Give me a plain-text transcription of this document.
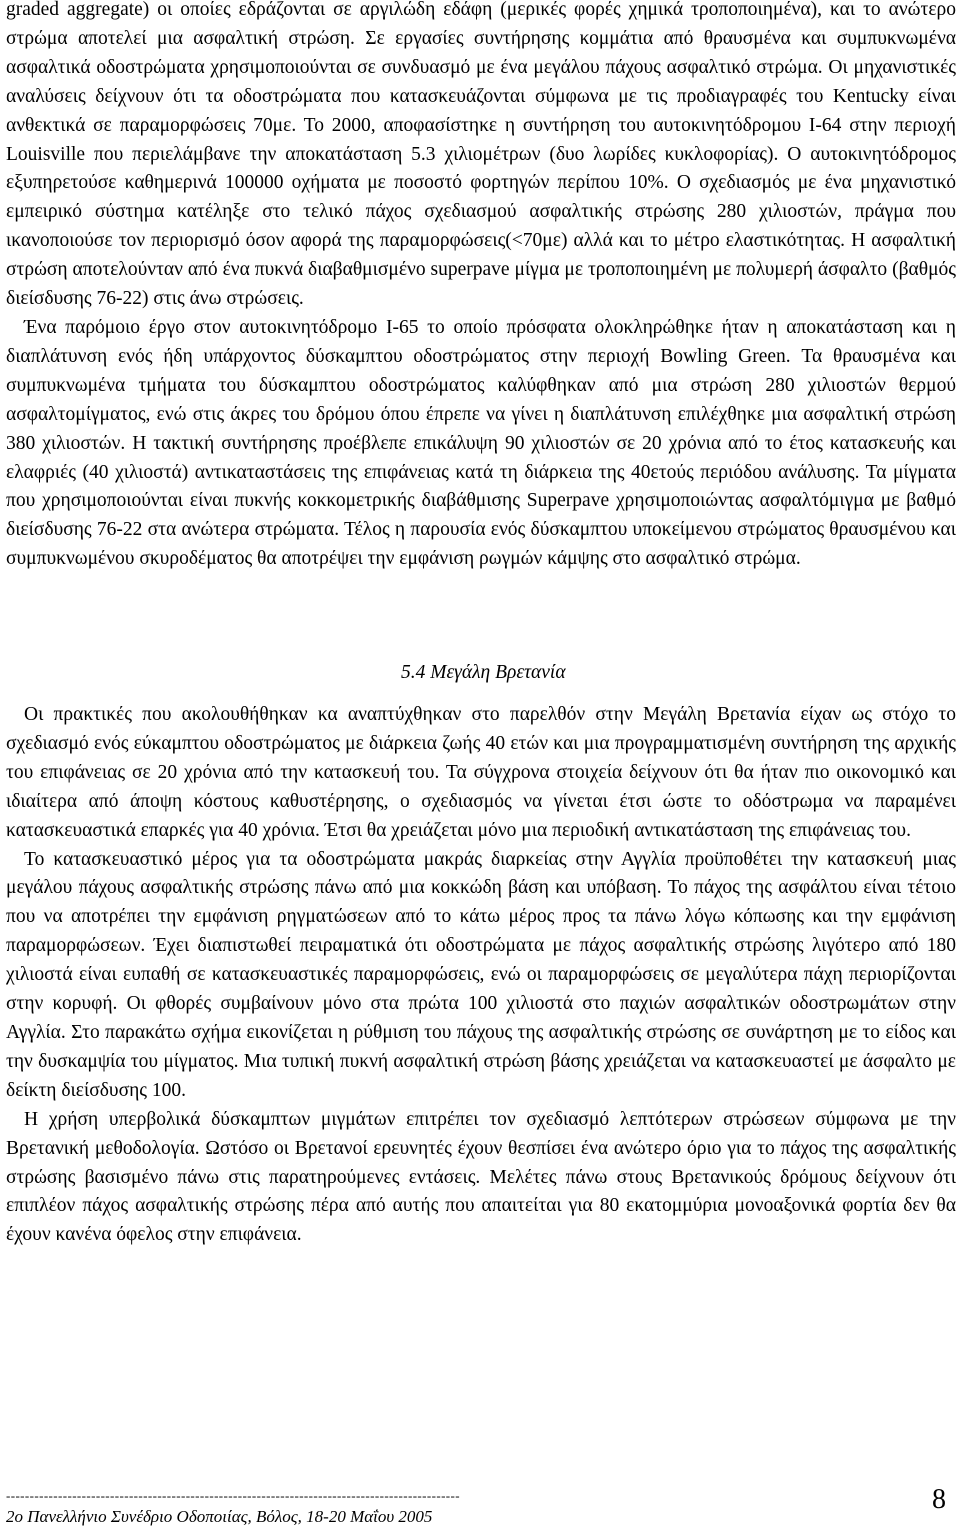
graded aggregate) οι οποίες εδράζονται σε αργιλώδη εδάφη (μερικές φορές χημικά τροποποιημένα), και το ανώτερο στρώμα αποτελεί μια ασφαλτική στρώση. Σε εργασίες συντήρησης κομμάτια από θραυσμένα και συμπυκνωμένα ασφαλτικά οδοστρώματα χρησιμοποιούνται σε συνδυασμό με ένα μεγάλου πάχους ασφαλτικό στρώμα. Οι μηχανιστικές αναλύσεις δείχνουν ότι τα οδοστρώματα που κατασκευάζονται σύμφωνα με τις προδιαγραφές του Kentucky είναι ανθεκτικά σε παραμορφώσεις 70με. Το 2000, αποφασίστηκε η συντήρηση του αυτοκινητόδρομου I-64 στην περιοχή Louisville που περιελάμβανε την αποκατάσταση 5.3 χιλιομέτρων (δυο λωρίδες κυκλοφορίας). Ο αυτοκινητόδρομος εξυπηρετούσε καθημερινά 100000 οχήματα με ποσοστό φορτηγών περίπου 10%. Ο σχεδιασμός με ένα μηχανιστικό εμπειρικό σύστημα κατέληξε στο τελικό πάχος σχεδιασμού ασφαλτικής στρώσης 280 χιλιοστών, πράγμα που ικανοποιούσε τον περιορισμό όσον αφορά της παραμορφώσεις(<70με) αλλά και το μέτρο ελαστικότητας. Η ασφαλτική στρώση αποτελούνταν από ένα πυκνά διαβαθμισμένο superpave μίγμα με τροποποιημένη με πολυμερή άσφαλτο (βαθμός διείσδυσης 76-22) στις άνω στρώσεις.

Ένα παρόμοιο έργο στον αυτοκινητόδρομο I-65 το οποίο πρόσφατα ολοκληρώθηκε ήταν η αποκατάσταση και η διαπλάτυνση ενός ήδη υπάρχοντος δύσκαμπτου οδοστρώματος στην περιοχή Bowling Green. Τα θραυσμένα και συμπυκνωμένα τμήματα του δύσκαμπτου οδοστρώματος καλύφθηκαν από μια στρώση 280 χιλιοστών θερμού ασφαλτομίγματος, ενώ στις άκρες του δρόμου όπου έπρεπε να γίνει η διαπλάτυνση επιλέχθηκε μια ασφαλτική στρώση 380 χιλιοστών. Η τακτική συντήρησης προέβλεπε επικάλυψη 90 χιλιοστών σε 20 χρόνια από το έτος κατασκευής και ελαφριές (40 χιλιοστά) αντικαταστάσεις της επιφάνειας κατά τη διάρκεια της 40ετούς περιόδου ανάλυσης. Τα μίγματα που χρησιμοποιούνται είναι πυκνής κοκκομετρικής διαβάθμισης Superpave χρησιμοποιώντας ασφαλτόμιγμα με βαθμό διείσδυσης 76-22 στα ανώτερα στρώματα. Τέλος η παρουσία ενός δύσκαμπτου υποκείμενου στρώματος θραυσμένου και συμπυκνωμένου σκυροδέματος θα αποτρέψει την εμφάνιση ρωγμών κάμψης στο ασφαλτικό στρώμα.

5.4 Μεγάλη Βρετανία

Οι πρακτικές που ακολουθήθηκαν κα αναπτύχθηκαν στο παρελθόν στην Μεγάλη Βρετανία είχαν ως στόχο το σχεδιασμό ενός εύκαμπτου οδοστρώματος με διάρκεια ζωής 40 ετών και μια προγραμματισμένη συντήρηση της αρχικής του επιφάνειας σε 20 χρόνια από την κατασκευή του. Τα σύγχρονα στοιχεία δείχνουν ότι θα ήταν πιο οικονομικό και ιδιαίτερα από άποψη κόστους καθυστέρησης, ο σχεδιασμός να γίνεται έτσι ώστε το οδόστρωμα να παραμένει κατασκευαστικά επαρκές για 40 χρόνια. Έτσι θα χρειάζεται μόνο μια περιοδική αντικατάσταση της επιφάνειας του.

Το κατασκευαστικό μέρος για τα οδοστρώματα μακράς διαρκείας στην Αγγλία προϋποθέτει την κατασκευή μιας μεγάλου πάχους ασφαλτικής στρώσης πάνω από μια κοκκώδη βάση και υπόβαση. Το πάχος της ασφάλτου είναι τέτοιο που να αποτρέπει την εμφάνιση ρηγματώσεων από το κάτω μέρος προς τα πάνω λόγω κόπωσης και την εμφάνιση παραμορφώσεων. Έχει διαπιστωθεί πειραματικά ότι οδοστρώματα με πάχος ασφαλτικής στρώσης λιγότερο από 180 χιλιοστά είναι ευπαθή σε κατασκευαστικές παραμορφώσεις, ενώ οι παραμορφώσεις σε μεγαλύτερα πάχη περιορίζονται στην κορυφή. Οι φθορές συμβαίνουν μόνο στα πρώτα 100 χιλιοστά στο παχιών ασφαλτικών οδοστρωμάτων στην Αγγλία. Στο παρακάτω σχήμα εικονίζεται η ρύθμιση του πάχους της ασφαλτικής στρώσης σε συνάρτηση με το είδος και την δυσκαμψία του μίγματος. Μια τυπική πυκνή ασφαλτική στρώση βάσης χρειάζεται να κατασκευαστεί με άσφαλτο με δείκτη διείσδυσης 100.

Η χρήση υπερβολικά δύσκαμπτων μιγμάτων επιτρέπει τον σχεδιασμό λεπτότερων στρώσεων σύμφωνα με την Βρετανική μεθοδολογία. Ωστόσο οι Βρετανοί ερευνητές έχουν θεσπίσει ένα ανώτερο όριο για το πάχος της ασφαλτικής στρώσης βασισμένο πάνω στις παρατηρούμενες εντάσεις. Μελέτες πάνω στους Βρετανικούς δρόμους δείχνουν ότι επιπλέον πάχος ασφαλτικής στρώσης πέρα από αυτής που απαιτείται για 80 εκατομμύρια μονοαξονικά φορτία δεν θα έχουν κανένα όφελος στην επιφάνεια.

------------------------------------------------------------------------------------------------
2ο Πανελλήνιο Συνέδριο Οδοποιίας, Βόλος, 18-20 Μαΐου 2005
8
